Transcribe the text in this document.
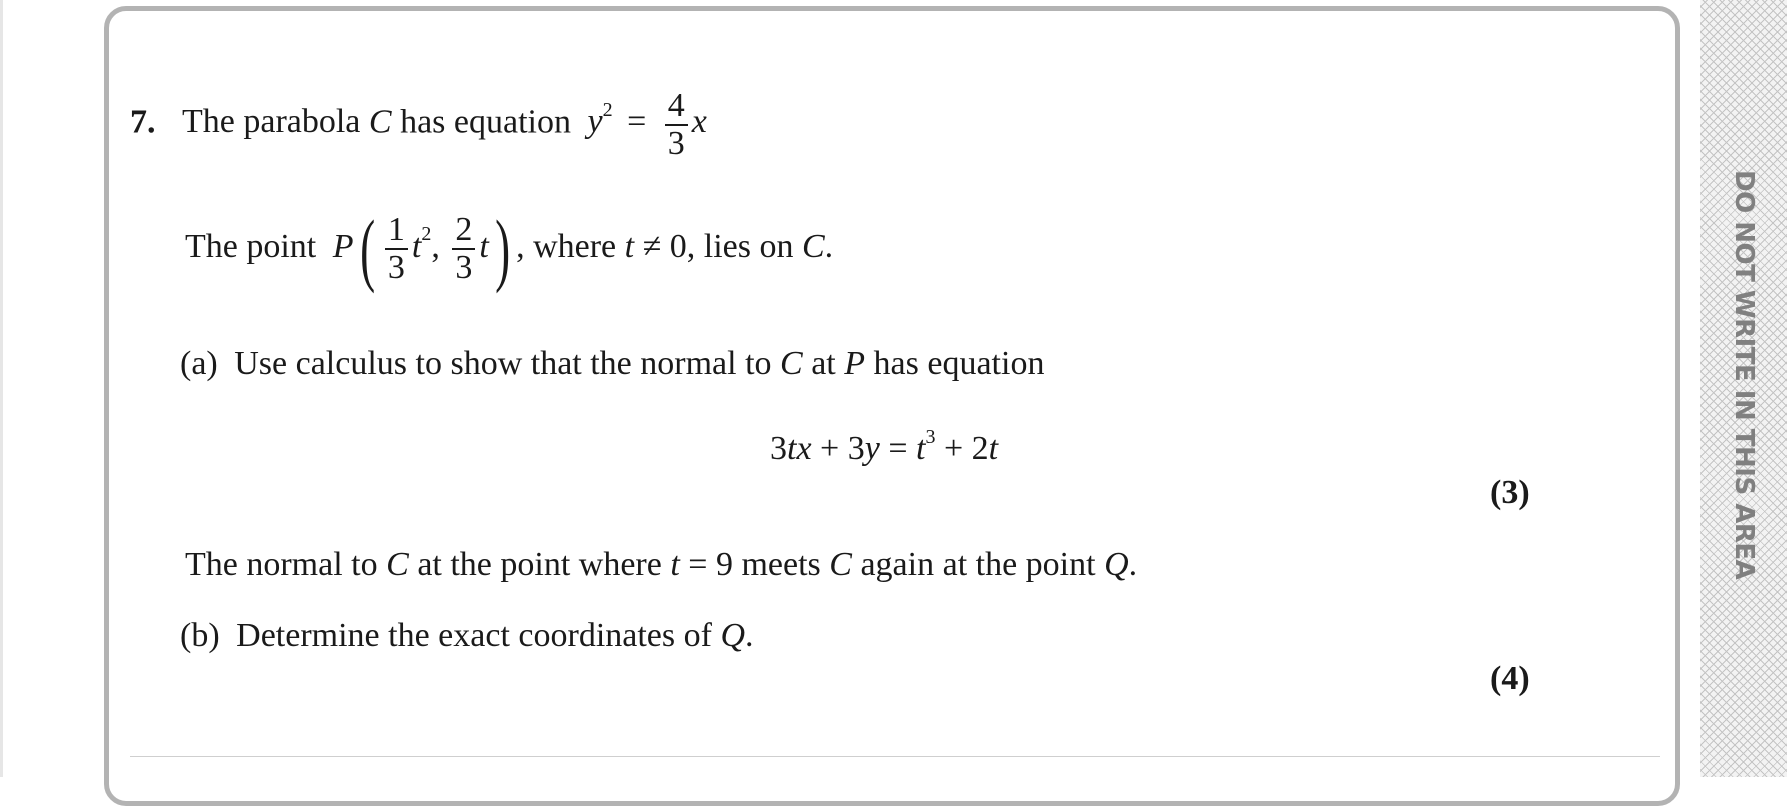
DO NOT WRITE IN THIS AREA
7. The parabola C has equation $y^2 = \frac{4}{3}$ x
The point $P( \frac{1}{3} t^2$, $\frac{2}{3} t$) , where t ≠ 0, lies on C.
(a) Use calculus to show that the normal to C at P has equation
$3tx + 3y = t^3 + 2t$
(3)
The normal to C at the point where t = 9 meets C again at the point Q.
(b) Determine the exact coordinates of Q.
(4)
